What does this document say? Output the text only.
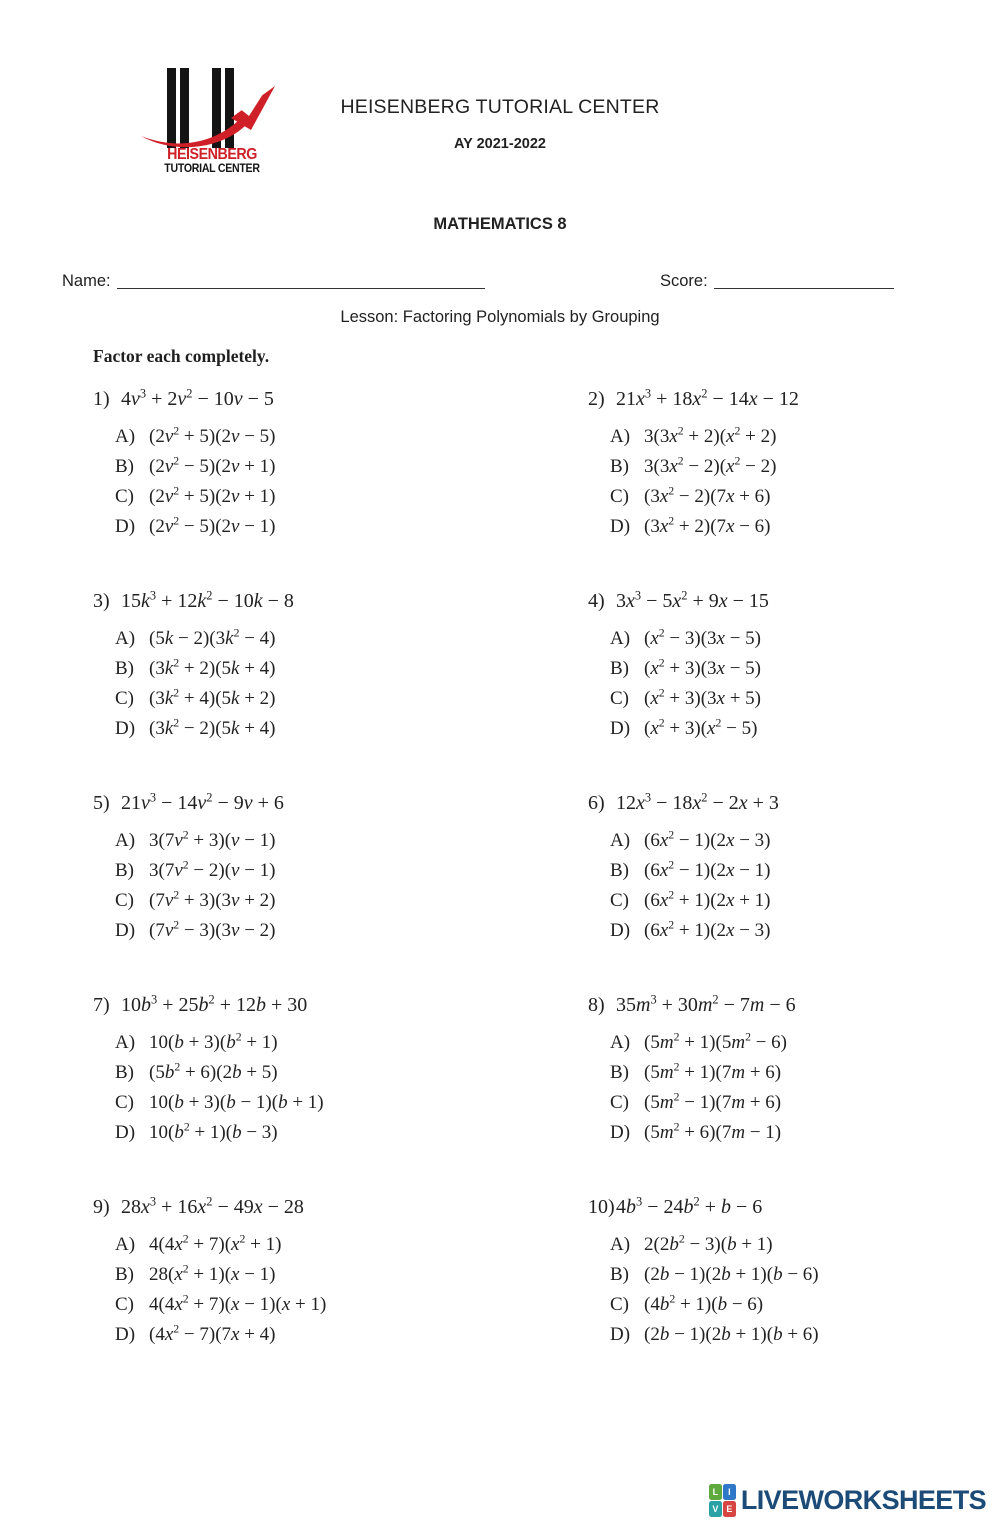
HEISENBERG
TUTORIAL CENTER
HEISENBERG TUTORIAL CENTER
AY 2021-2022
MATHEMATICS 8
Name:	Score:
Lesson: Factoring Polynomials by Grouping
Factor each completely.
1) $4v^3 + 2v^2 - 10v - 5$
A) $(2v^2 + 5)(2v - 5)$
B) $(2v^2 - 5)(2v + 1)$
C) $(2v^2 + 5)(2v + 1)$
D) $(2v^2 - 5)(2v - 1)$
2) $21x^3 + 18x^2 - 14x - 12$
A) $3(3x^2 + 2)(x^2 + 2)$
B) $3(3x^2 - 2)(x^2 - 2)$
C) $(3x^2 - 2)(7x + 6)$
D) $(3x^2 + 2)(7x - 6)$
3) $15k^3 + 12k^2 - 10k - 8$
A) $(5k - 2)(3k^2 - 4)$
B) $(3k^2 + 2)(5k + 4)$
C) $(3k^2 + 4)(5k + 2)$
D) $(3k^2 - 2)(5k + 4)$
4) $3x^3 - 5x^2 + 9x - 15$
A) $(x^2 - 3)(3x - 5)$
B) $(x^2 + 3)(3x - 5)$
C) $(x^2 + 3)(3x + 5)$
D) $(x^2 + 3)(x^2 - 5)$
5) $21v^3 - 14v^2 - 9v + 6$
A) $3(7v^2 + 3)(v - 1)$
B) $3(7v^2 - 2)(v - 1)$
C) $(7v^2 + 3)(3v + 2)$
D) $(7v^2 - 3)(3v - 2)$
6) $12x^3 - 18x^2 - 2x + 3$
A) $(6x^2 - 1)(2x - 3)$
B) $(6x^2 - 1)(2x - 1)$
C) $(6x^2 + 1)(2x + 1)$
D) $(6x^2 + 1)(2x - 3)$
7) $10b^3 + 25b^2 + 12b + 30$
A) $10(b + 3)(b^2 + 1)$
B) $(5b^2 + 6)(2b + 5)$
C) 10(b + 3)(b − 1)(b + 1)
D) $10(b^2 + 1)(b - 3)$
8) $35m^3 + 30m^2 - 7m - 6$
A) $(5m^2 + 1)(5m^2 - 6)$
B) $(5m^2 + 1)(7m + 6)$
C) $(5m^2 - 1)(7m + 6)$
D) $(5m^2 + 6)(7m - 1)$
9) $28x^3 + 16x^2 - 49x - 28$
A) $4(4x^2 + 7)(x^2 + 1)$
B) $28(x^2 + 1)(x - 1)$
C) $4(4x^2 + 7)(x - 1)(x + 1)$
D) $(4x^2 - 7)(7x + 4)$
$10)4b^3 - 24b^2 + b - 6$
A) $2(2b^2 - 3)(b + 1)$
B) (2b − 1)(2b + 1)(b − 6)
C) $(4b^2 + 1)(b - 6)$
D) (2b − 1)(2b + 1)(b + 6)
L	I
V E LIVEWORKSHEETS
